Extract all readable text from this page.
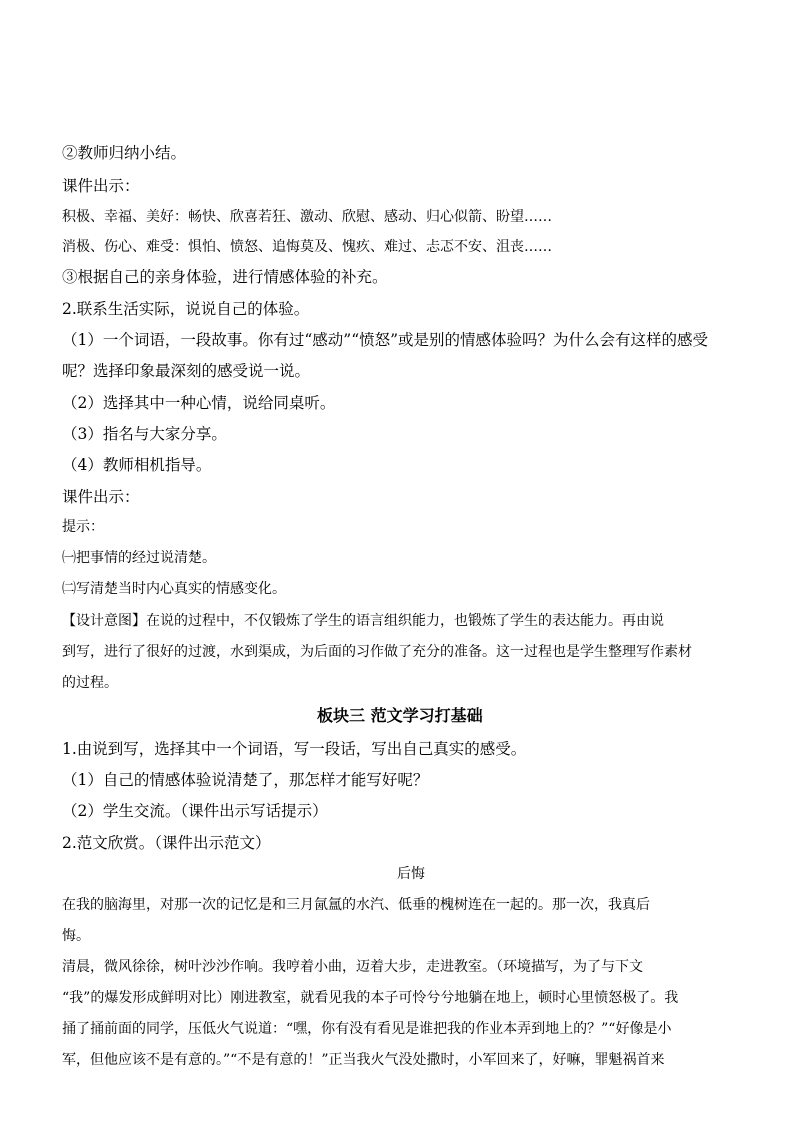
②教师归纳小结。

课件出示：

积极、幸福、美好：畅快、欣喜若狂、激动、欣慰、感动、归心似箭、盼望……

消极、伤心、难受：惧怕、愤怒、追悔莫及、愧疚、难过、忐忑不安、沮丧……

③根据自己的亲身体验，进行情感体验的补充。

2.联系生活实际，说说自己的体验。

（1）一个词语，一段故事。你有过“感动”“愤怒”或是别的情感体验吗？为什么会有这样的感受

呢？选择印象最深刻的感受说一说。

（2）选择其中一种心情，说给同桌听。

（3）指名与大家分享。

（4）教师相机指导。

课件出示：

提示：

㈠把事情的经过说清楚。

㈡写清楚当时内心真实的情感变化。

【设计意图】在说的过程中，不仅锻炼了学生的语言组织能力，也锻炼了学生的表达能力。再由说

到写，进行了很好的过渡，水到渠成，为后面的习作做了充分的准备。这一过程也是学生整理写作素材

的过程。

板块三 范文学习打基础

1.由说到写，选择其中一个词语，写一段话，写出自己真实的感受。

（1）自己的情感体验说清楚了，那怎样才能写好呢？

（2）学生交流。（课件出示写话提示）

2.范文欣赏。（课件出示范文）

后悔

在我的脑海里，对那一次的记忆是和三月氤氲的水汽、低垂的槐树连在一起的。那一次，我真后

悔。

清晨，微风徐徐，树叶沙沙作响。我哼着小曲，迈着大步，走进教室。（环境描写，为了与下文

“我”的爆发形成鲜明对比）刚进教室，就看见我的本子可怜兮兮地躺在地上，顿时心里愤怒极了。我

捅了捅前面的同学，压低火气说道：“嘿，你有没有看见是谁把我的作业本弄到地上的？”“好像是小

军，但他应该不是有意的。”“不是有意的！”正当我火气没处撒时，小军回来了，好嘛，罪魁祸首来
